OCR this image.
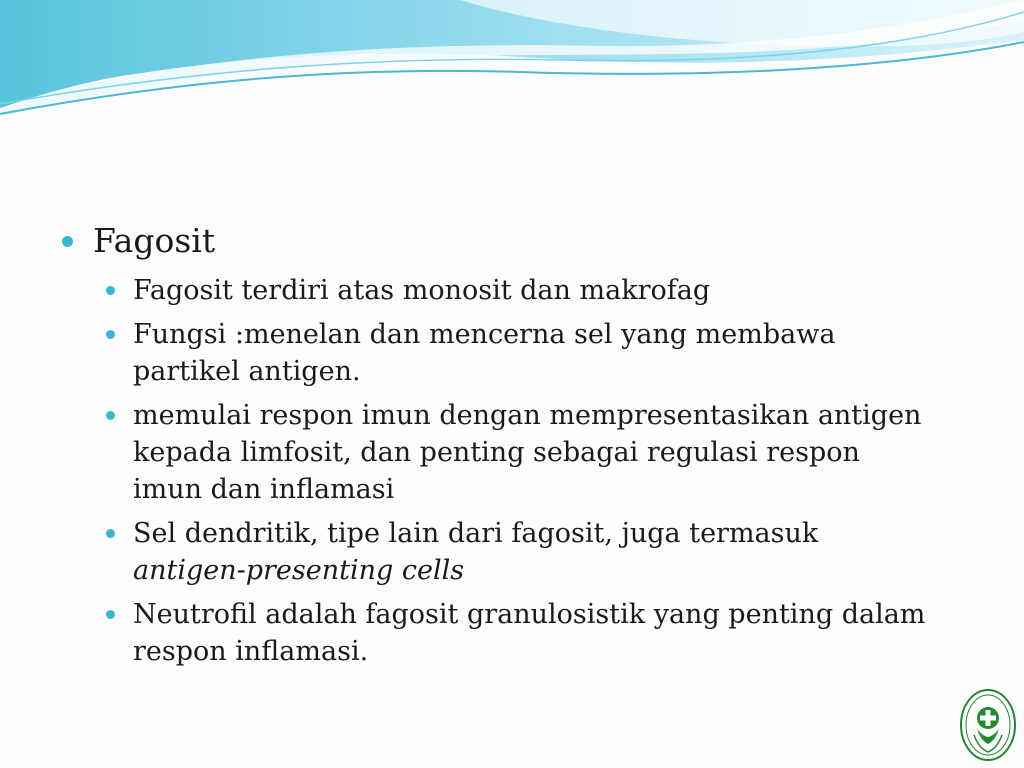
Fagosit
Fagosit terdiri atas monosit dan makrofag
Fungsi :menelan dan mencerna sel yang membawa partikel antigen.
memulai respon imun dengan mempresentasikan antigen kepada limfosit, dan penting sebagai regulasi respon imun dan inflamasi
Sel dendritik, tipe lain dari fagosit, juga termasuk antigen-presenting cells
Neutrofil adalah fagosit granulosistik yang penting dalam respon inflamasi.
